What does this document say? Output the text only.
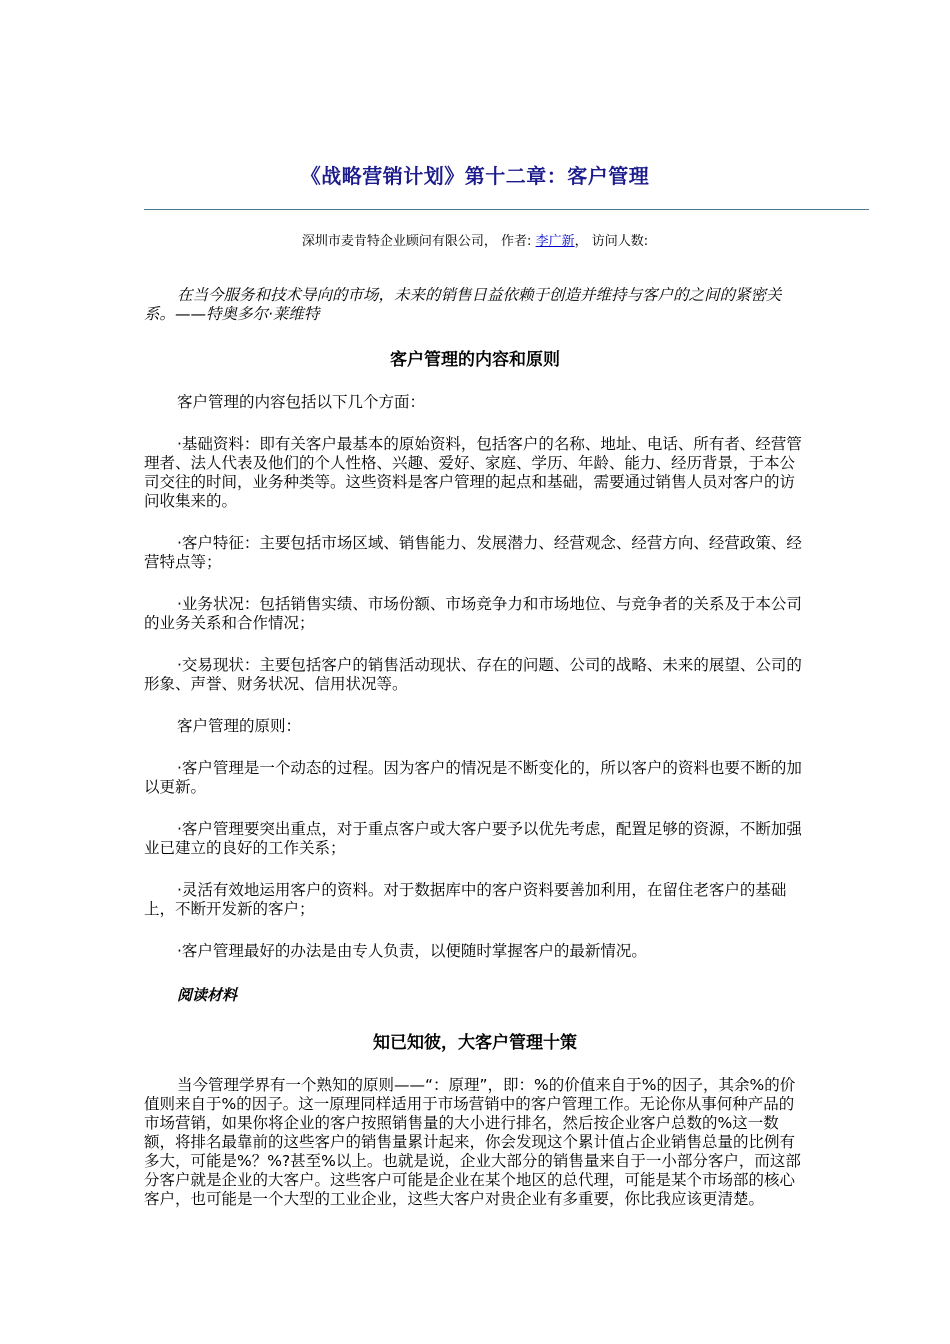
《战略营销计划》第十二章：客户管理
深圳市麦肯特企业顾问有限公司， 作者: 李广新， 访问人数:

在当今服务和技术导向的市场，未来的销售日益依赖于创造并维持与客户的之间的紧密关系。——特奥多尔·莱维特

客户管理的内容和原则

客户管理的内容包括以下几个方面：

·基础资料：即有关客户最基本的原始资料，包括客户的名称、地址、电话、所有者、经营管理者、法人代表及他们的个人性格、兴趣、爱好、家庭、学历、年龄、能力、经历背景，于本公司交往的时间，业务种类等。这些资料是客户管理的起点和基础，需要通过销售人员对客户的访问收集来的。

·客户特征：主要包括市场区域、销售能力、发展潜力、经营观念、经营方向、经营政策、经营特点等；

·业务状况：包括销售实绩、市场份额、市场竞争力和市场地位、与竞争者的关系及于本公司的业务关系和合作情况；

·交易现状：主要包括客户的销售活动现状、存在的问题、公司的战略、未来的展望、公司的形象、声誉、财务状况、信用状况等。

客户管理的原则：

·客户管理是一个动态的过程。因为客户的情况是不断变化的，所以客户的资料也要不断的加以更新。

·客户管理要突出重点，对于重点客户或大客户要予以优先考虑，配置足够的资源，不断加强业已建立的良好的工作关系；

·灵活有效地运用客户的资料。对于数据库中的客户资料要善加利用，在留住老客户的基础上，不断开发新的客户；

·客户管理最好的办法是由专人负责，以便随时掌握客户的最新情况。

阅读材料

知已知彼，大客户管理十策

当今管理学界有一个熟知的原则——“：原理”，即：%的价值来自于%的因子，其余%的价值则来自于%的因子。这一原理同样适用于市场营销中的客户管理工作。无论你从事何种产品的市场营销，如果你将企业的客户按照销售量的大小进行排名，然后按企业客户总数的%这一数额，将排名最靠前的这些客户的销售量累计起来，你会发现这个累计值占企业销售总量的比例有多大，可能是%？%?甚至%以上。也就是说，企业大部分的销售量来自于一小部分客户，而这部分客户就是企业的大客户。这些客户可能是企业在某个地区的总代理，可能是某个市场部的核心客户，也可能是一个大型的工业企业，这些大客户对贵企业有多重要，你比我应该更清楚。
